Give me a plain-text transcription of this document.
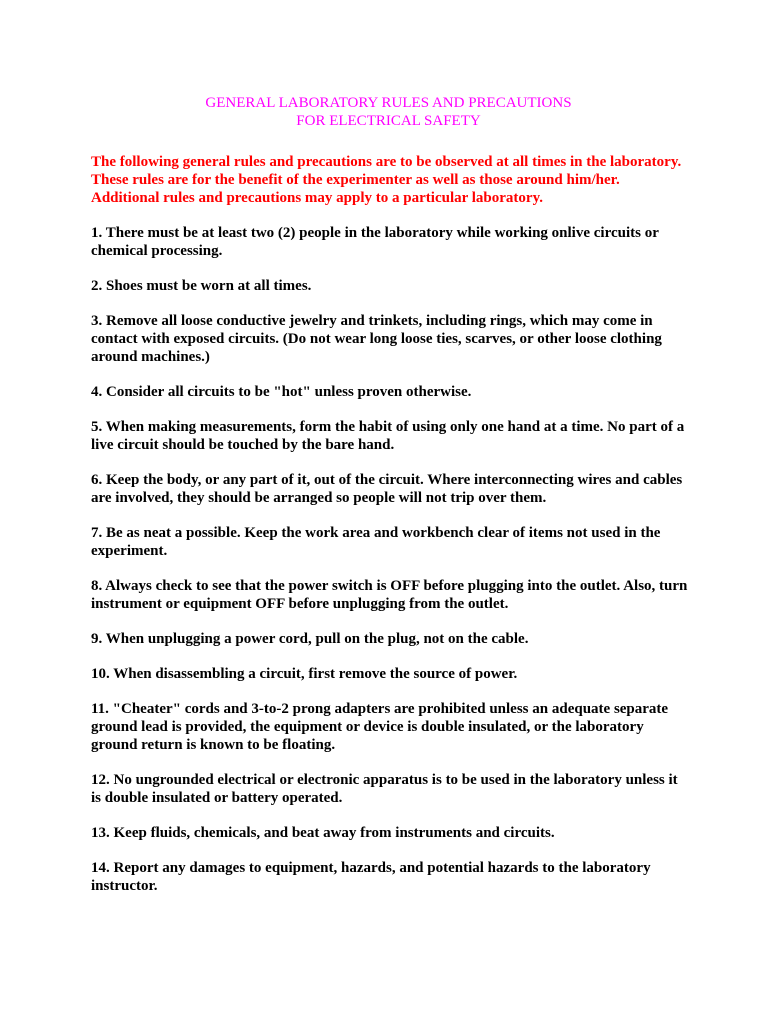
GENERAL LABORATORY RULES AND PRECAUTIONS
FOR ELECTRICAL SAFETY

The following general rules and precautions are to be observed at all times in the laboratory. These rules are for the benefit of the experimenter as well as those around him/her. Additional rules and precautions may apply to a particular laboratory.

1. There must be at least two (2) people in the laboratory while working onlive circuits or chemical processing.

2. Shoes must be worn at all times.

3. Remove all loose conductive jewelry and trinkets, including rings, which may come in contact with exposed circuits. (Do not wear long loose ties, scarves, or other loose clothing around machines.)

4. Consider all circuits to be "hot" unless proven otherwise.

5. When making measurements, form the habit of using only one hand at a time. No part of a live circuit should be touched by the bare hand.

6. Keep the body, or any part of it, out of the circuit. Where interconnecting wires and cables are involved, they should be arranged so people will not trip over them.

7. Be as neat a possible. Keep the work area and workbench clear of items not used in the experiment.

8. Always check to see that the power switch is OFF before plugging into the outlet. Also, turn instrument or equipment OFF before unplugging from the outlet.

9. When unplugging a power cord, pull on the plug, not on the cable.

10. When disassembling a circuit, first remove the source of power.

11. "Cheater" cords and 3-to-2 prong adapters are prohibited unless an adequate separate ground lead is provided, the equipment or device is double insulated, or the laboratory ground return is known to be floating.

12. No ungrounded electrical or electronic apparatus is to be used in the laboratory unless it is double insulated or battery operated.

13. Keep fluids, chemicals, and beat away from instruments and circuits.

14. Report any damages to equipment, hazards, and potential hazards to the laboratory instructor.
